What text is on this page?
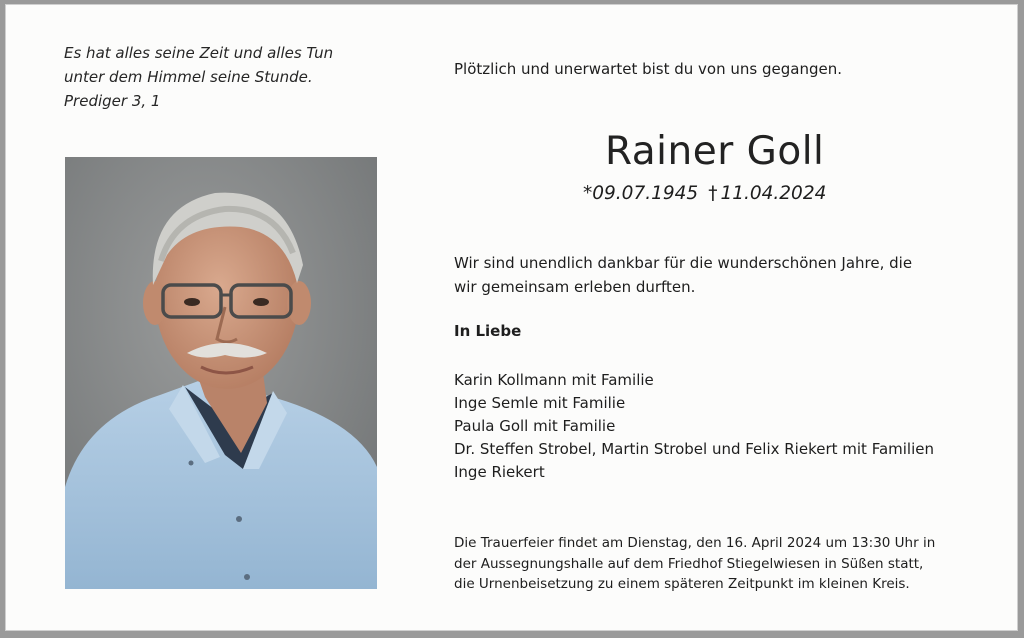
Es hat alles seine Zeit und alles Tun
unter dem Himmel seine Stunde.
Prediger 3, 1
Plötzlich und unerwartet bist du von uns gegangen.
Rainer Goll
*09.07.1945 † 11.04.2024
Wir sind unendlich dankbar für die wunderschönen Jahre, die
wir gemeinsam erleben durften.
In Liebe
Karin Kollmann mit Familie
Inge Semle mit Familie
Paula Goll mit Familie
Dr. Steffen Strobel, Martin Strobel und Felix Riekert mit Familien
Inge Riekert
Die Trauerfeier findet am Dienstag, den 16. April 2024 um 13:30 Uhr in
der Aussegnungshalle auf dem Friedhof Stiegelwiesen in Süßen statt,
die Urnenbeisetzung zu einem späteren Zeitpunkt im kleinen Kreis.
